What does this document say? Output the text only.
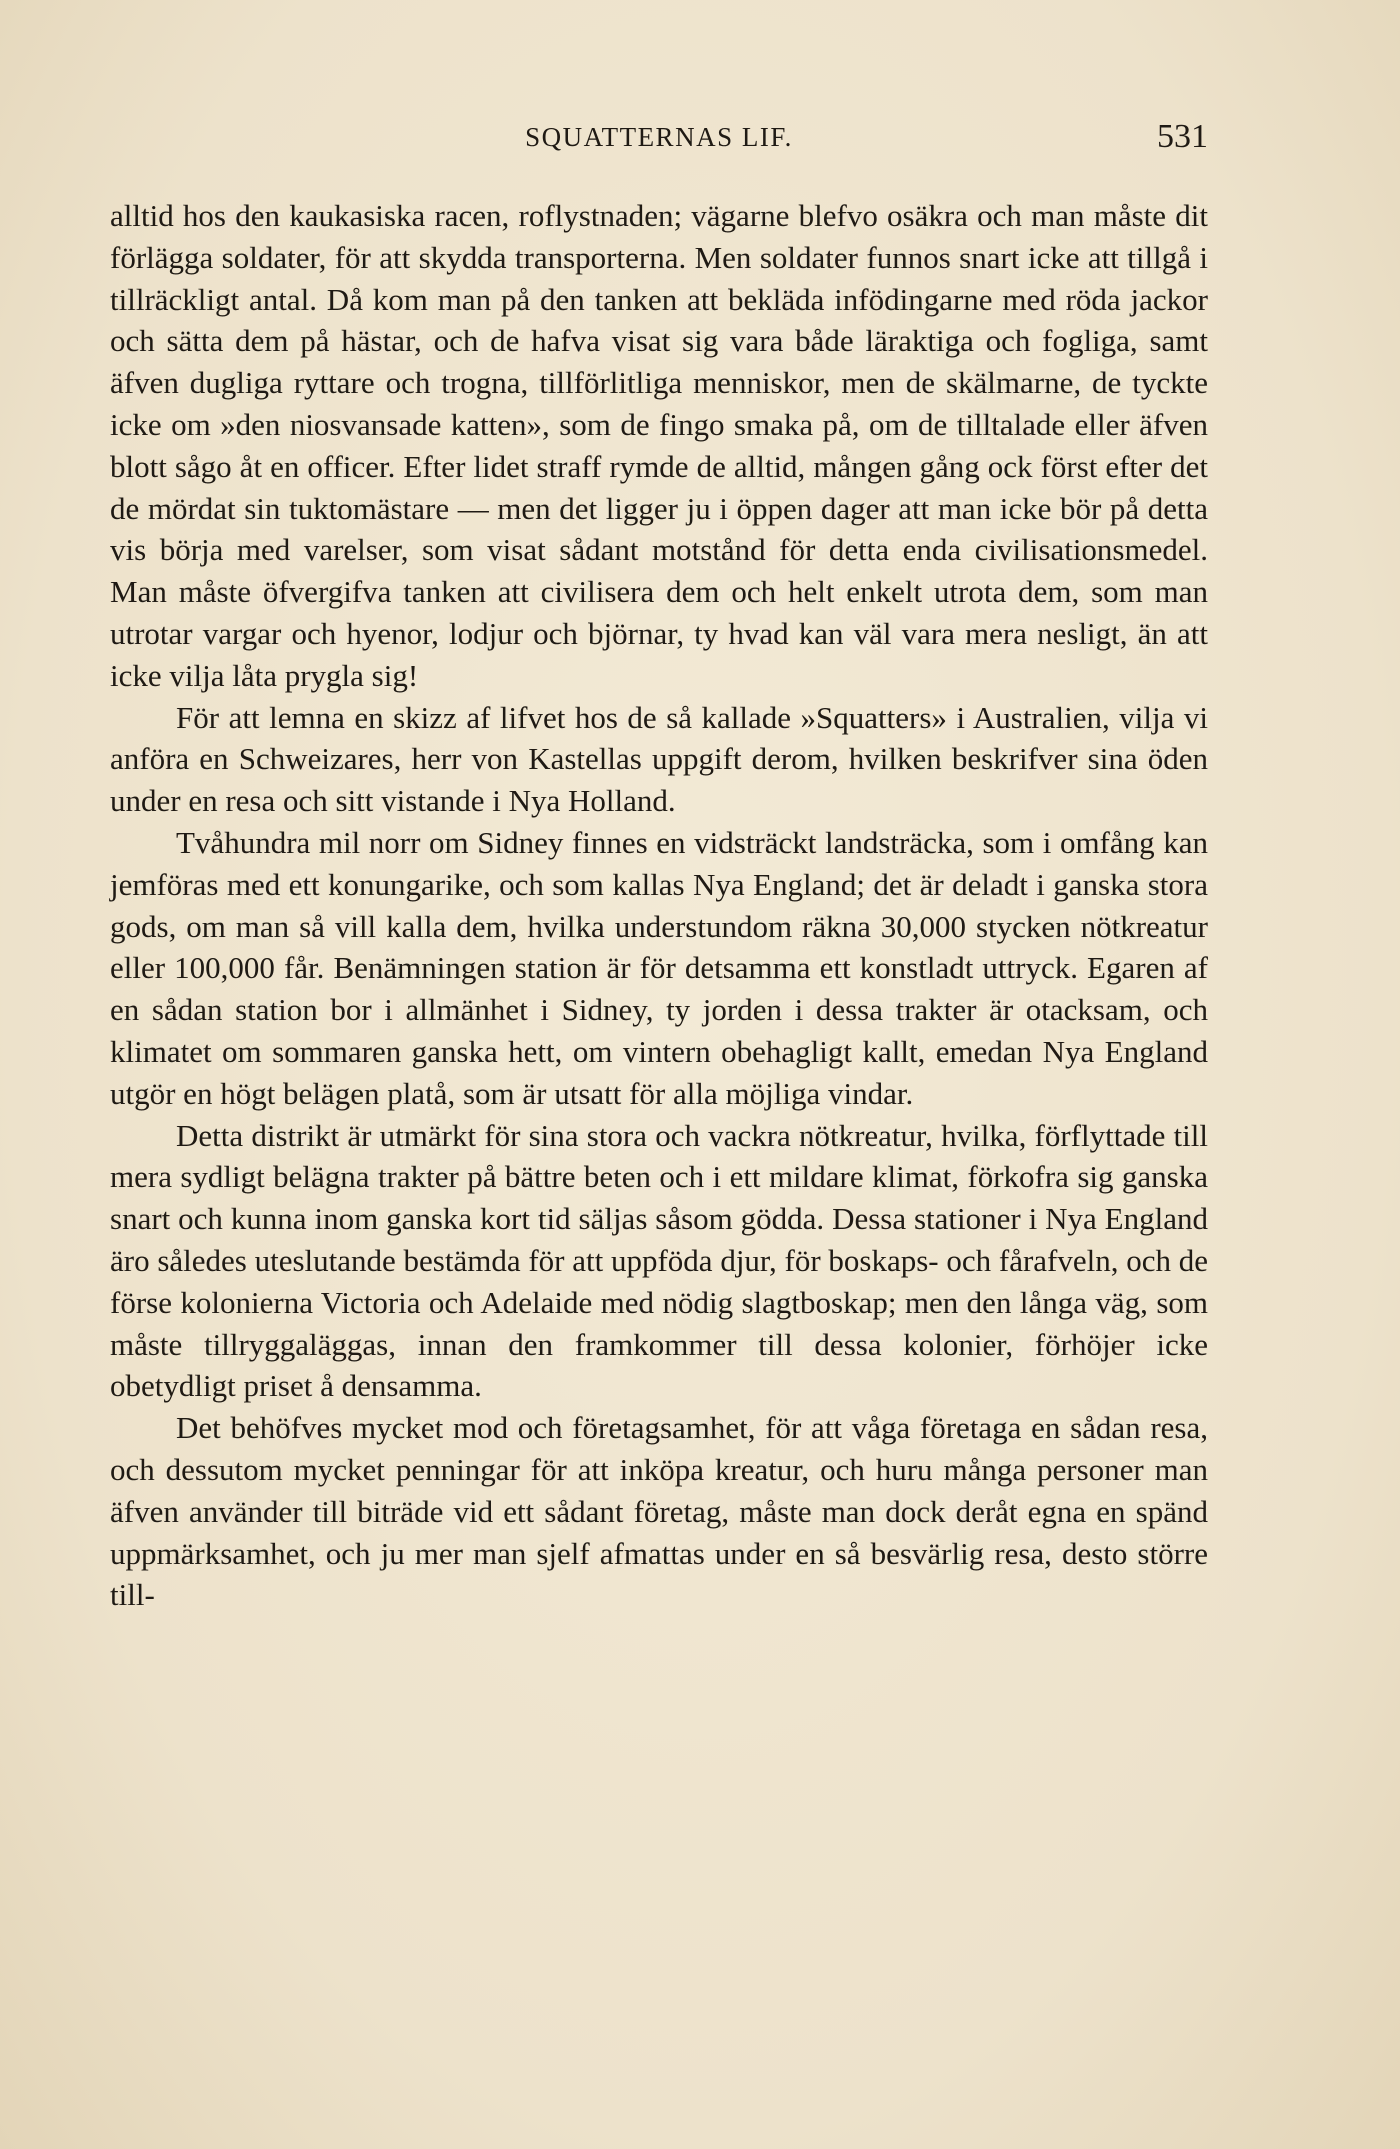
SQUATTERNAS LIF.	531

alltid hos den kaukasiska racen, roflystnaden; vägarne blefvo osäkra och man måste dit förlägga soldater, för att skydda transporterna. Men soldater funnos snart icke att tillgå i tillräckligt antal. Då kom man på den tanken att bekläda infödingarne med röda jackor och sätta dem på hästar, och de hafva visat sig vara både läraktiga och fogliga, samt äfven dugliga ryttare och trogna, tillförlitliga menniskor, men de skälmarne, de tyckte icke om »den niosvansade katten», som de fingo smaka på, om de tilltalade eller äfven blott sågo åt en officer. Efter lidet straff rymde de alltid, mången gång ock först efter det de mördat sin tuktomästare — men det ligger ju i öppen dager att man icke bör på detta vis börja med varelser, som visat sådant motstånd för detta enda civilisationsmedel. Man måste öfvergifva tanken att civilisera dem och helt enkelt utrota dem, som man utrotar vargar och hyenor, lodjur och björnar, ty hvad kan väl vara mera nesligt, än att icke vilja låta prygla sig!

För att lemna en skizz af lifvet hos de så kallade »Squatters» i Australien, vilja vi anföra en Schweizares, herr von Kastellas uppgift derom, hvilken beskrifver sina öden under en resa och sitt vistande i Nya Holland.

Tvåhundra mil norr om Sidney finnes en vidsträckt landsträcka, som i omfång kan jemföras med ett konungarike, och som kallas Nya England; det är deladt i ganska stora gods, om man så vill kalla dem, hvilka understundom räkna 30,000 stycken nötkreatur eller 100,000 får. Benämningen station är för detsamma ett konstladt uttryck. Egaren af en sådan station bor i allmänhet i Sidney, ty jorden i dessa trakter är otacksam, och klimatet om sommaren ganska hett, om vintern obehagligt kallt, emedan Nya England utgör en högt belägen platå, som är utsatt för alla möjliga vindar.

Detta distrikt är utmärkt för sina stora och vackra nötkreatur, hvilka, förflyttade till mera sydligt belägna trakter på bättre beten och i ett mildare klimat, förkofra sig ganska snart och kunna inom ganska kort tid säljas såsom gödda. Dessa stationer i Nya England äro således uteslutande bestämda för att uppföda djur, för boskaps- och fårafveln, och de förse kolonierna Victoria och Adelaide med nödig slagtboskap; men den långa väg, som måste tillryggaläggas, innan den framkommer till dessa kolonier, förhöjer icke obetydligt priset å densamma.

Det behöfves mycket mod och företagsamhet, för att våga företaga en sådan resa, och dessutom mycket penningar för att inköpa kreatur, och huru många personer man äfven använder till biträde vid ett sådant företag, måste man dock deråt egna en spänd uppmärksamhet, och ju mer man sjelf afmattas under en så besvärlig resa, desto större till-
